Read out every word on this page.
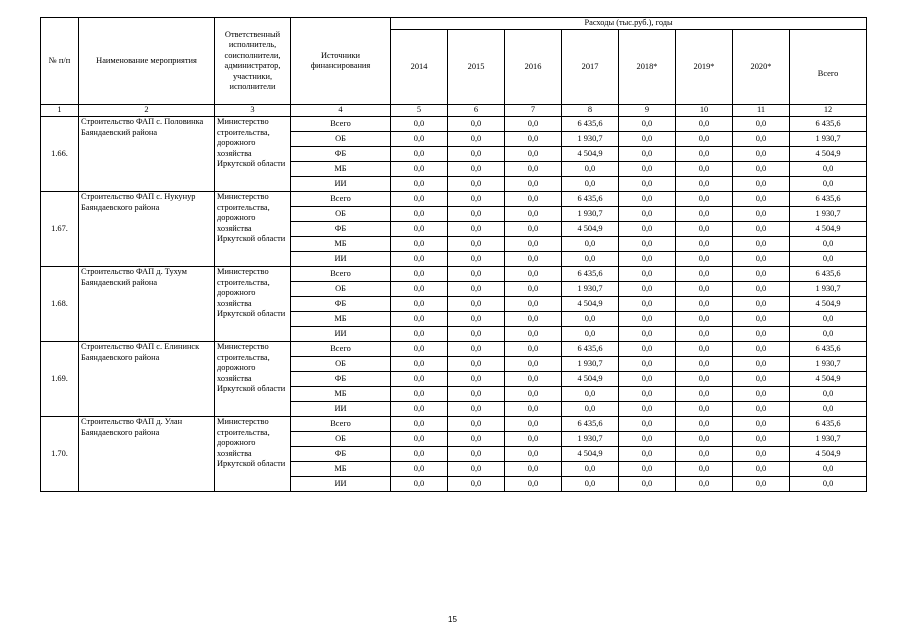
№ п/п	Наименование мероприятия	Ответственный исполнитель, соисполнители, администратор, участники, исполнители	Источники финансирования	Расходы (тыс.руб.), годы							
				2014	2015	2016	2017	2018*	2019*	2020*	Всего
1	2	3	4	5	6	7	8	9	10	11	12
1.66.	Строительство ФАП с. Половинка Баяндаевский района	Министерство строительства, дорожного хозяйства Иркутской области	Всего	0,0	0,0	0,0	6 435,6	0,0	0,0	0,0	6 435,6
			ОБ	0,0	0,0	0,0	1 930,7	0,0	0,0	0,0	1 930,7
			ФБ	0,0	0,0	0,0	4 504,9	0,0	0,0	0,0	4 504,9
			МБ	0,0	0,0	0,0	0,0	0,0	0,0	0,0	0,0
			ИИ	0,0	0,0	0,0	0,0	0,0	0,0	0,0	0,0
1.67.	Строительство ФАП с. Нукунур Баяндаевского района	Министерство строительства, дорожного хозяйства Иркутской области	Всего	0,0	0,0	0,0	6 435,6	0,0	0,0	0,0	6 435,6
			ОБ	0,0	0,0	0,0	1 930,7	0,0	0,0	0,0	1 930,7
			ФБ	0,0	0,0	0,0	4 504,9	0,0	0,0	0,0	4 504,9
			МБ	0,0	0,0	0,0	0,0	0,0	0,0	0,0	0,0
			ИИ	0,0	0,0	0,0	0,0	0,0	0,0	0,0	0,0
1.68.	Строительство ФАП д. Тухум Баяндаевский района	Министерство строительства, дорожного хозяйства Иркутской области	Всего	0,0	0,0	0,0	6 435,6	0,0	0,0	0,0	6 435,6
			ОБ	0,0	0,0	0,0	1 930,7	0,0	0,0	0,0	1 930,7
			ФБ	0,0	0,0	0,0	4 504,9	0,0	0,0	0,0	4 504,9
			МБ	0,0	0,0	0,0	0,0	0,0	0,0	0,0	0,0
			ИИ	0,0	0,0	0,0	0,0	0,0	0,0	0,0	0,0
1.69.	Строительство ФАП с. Елининск Баяндаевского района	Министерство строительства, дорожного хозяйства Иркутской области	Всего	0,0	0,0	0,0	6 435,6	0,0	0,0	0,0	6 435,6
			ОБ	0,0	0,0	0,0	1 930,7	0,0	0,0	0,0	1 930,7
			ФБ	0,0	0,0	0,0	4 504,9	0,0	0,0	0,0	4 504,9
			МБ	0,0	0,0	0,0	0,0	0,0	0,0	0,0	0,0
			ИИ	0,0	0,0	0,0	0,0	0,0	0,0	0,0	0,0
1.70.	Строительство ФАП д. Улан Баяндаевского района	Министерство строительства, дорожного хозяйства Иркутской области	Всего	0,0	0,0	0,0	6 435,6	0,0	0,0	0,0	6 435,6
			ОБ	0,0	0,0	0,0	1 930,7	0,0	0,0	0,0	1 930,7
			ФБ	0,0	0,0	0,0	4 504,9	0,0	0,0	0,0	4 504,9
			МБ	0,0	0,0	0,0	0,0	0,0	0,0	0,0	0,0
			ИИ	0,0	0,0	0,0	0,0	0,0	0,0	0,0	0,0
15
